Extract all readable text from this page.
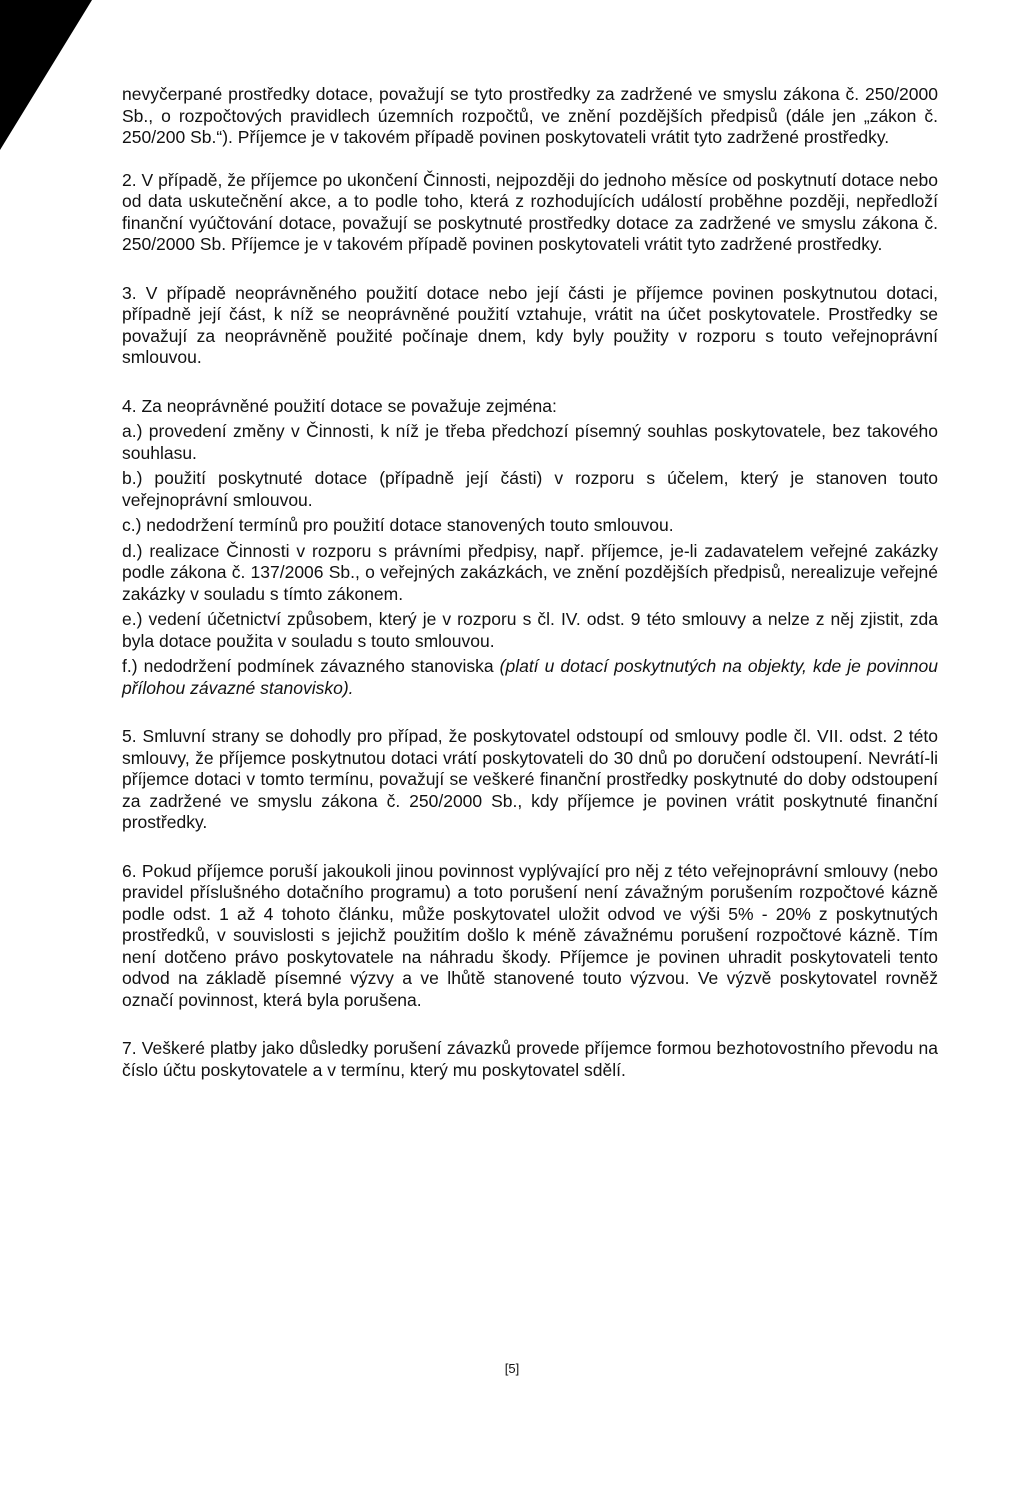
nevyčerpané prostředky dotace, považují se tyto prostředky za zadržené ve smyslu zákona č. 250/2000 Sb., o rozpočtových pravidlech územních rozpočtů, ve znění pozdějších předpisů (dále jen „zákon č. 250/200 Sb.“). Příjemce je v takovém případě povinen poskytovateli vrátit tyto zadržené prostředky.

2. V případě, že příjemce po ukončení Činnosti, nejpozději do jednoho měsíce od poskytnutí dotace nebo od data uskutečnění akce, a to podle toho, která z rozhodujících událostí proběhne později, nepředloží finanční vyúčtování dotace, považují se poskytnuté prostředky dotace za zadržené ve smyslu zákona č. 250/2000 Sb. Příjemce je v takovém případě povinen poskytovateli vrátit tyto zadržené prostředky.

3. V případě neoprávněného použití dotace nebo její části je příjemce povinen poskytnutou dotaci, případně její část, k níž se neoprávněné použití vztahuje, vrátit na účet poskytovatele. Prostředky se považují za neoprávněně použité počínaje dnem, kdy byly použity v rozporu s touto veřejnoprávní smlouvou.

4. Za neoprávněné použití dotace se považuje zejména:

a.) provedení změny v Činnosti, k níž je třeba předchozí písemný souhlas poskytovatele, bez takového souhlasu.

b.) použití poskytnuté dotace (případně její části) v rozporu s účelem, který je stanoven touto veřejnoprávní smlouvou.

c.) nedodržení termínů pro použití dotace stanovených touto smlouvou.

d.) realizace Činnosti v rozporu s právními předpisy, např. příjemce, je-li zadavatelem veřejné zakázky podle zákona č. 137/2006 Sb., o veřejných zakázkách, ve znění pozdějších předpisů, nerealizuje veřejné zakázky v souladu s tímto zákonem.

e.) vedení účetnictví způsobem, který je v rozporu s čl. IV. odst. 9 této smlouvy a nelze z něj zjistit, zda byla dotace použita v souladu s touto smlouvou.

f.) nedodržení podmínek závazného stanoviska (platí u dotací poskytnutých na objekty, kde je povinnou přílohou závazné stanovisko).

5. Smluvní strany se dohodly pro případ, že poskytovatel odstoupí od smlouvy podle čl. VII. odst. 2 této smlouvy, že příjemce poskytnutou dotaci vrátí poskytovateli do 30 dnů po doručení odstoupení. Nevrátí-li příjemce dotaci v tomto termínu, považují se veškeré finanční prostředky poskytnuté do doby odstoupení za zadržené ve smyslu zákona č. 250/2000 Sb., kdy příjemce je povinen vrátit poskytnuté finanční prostředky.

6. Pokud příjemce poruší jakoukoli jinou povinnost vyplývající pro něj z této veřejnoprávní smlouvy (nebo pravidel příslušného dotačního programu) a toto porušení není závažným porušením rozpočtové kázně podle odst. 1 až 4 tohoto článku, může poskytovatel uložit odvod ve výši 5% - 20% z poskytnutých prostředků, v souvislosti s jejichž použitím došlo k méně závažnému porušení rozpočtové kázně. Tím není dotčeno právo poskytovatele na náhradu škody. Příjemce je povinen uhradit poskytovateli tento odvod na základě písemné výzvy a ve lhůtě stanovené touto výzvou. Ve výzvě poskytovatel rovněž označí povinnost, která byla porušena.

7. Veškeré platby jako důsledky porušení závazků provede příjemce formou bezhotovostního převodu na číslo účtu poskytovatele a v termínu, který mu poskytovatel sdělí.

[5]
